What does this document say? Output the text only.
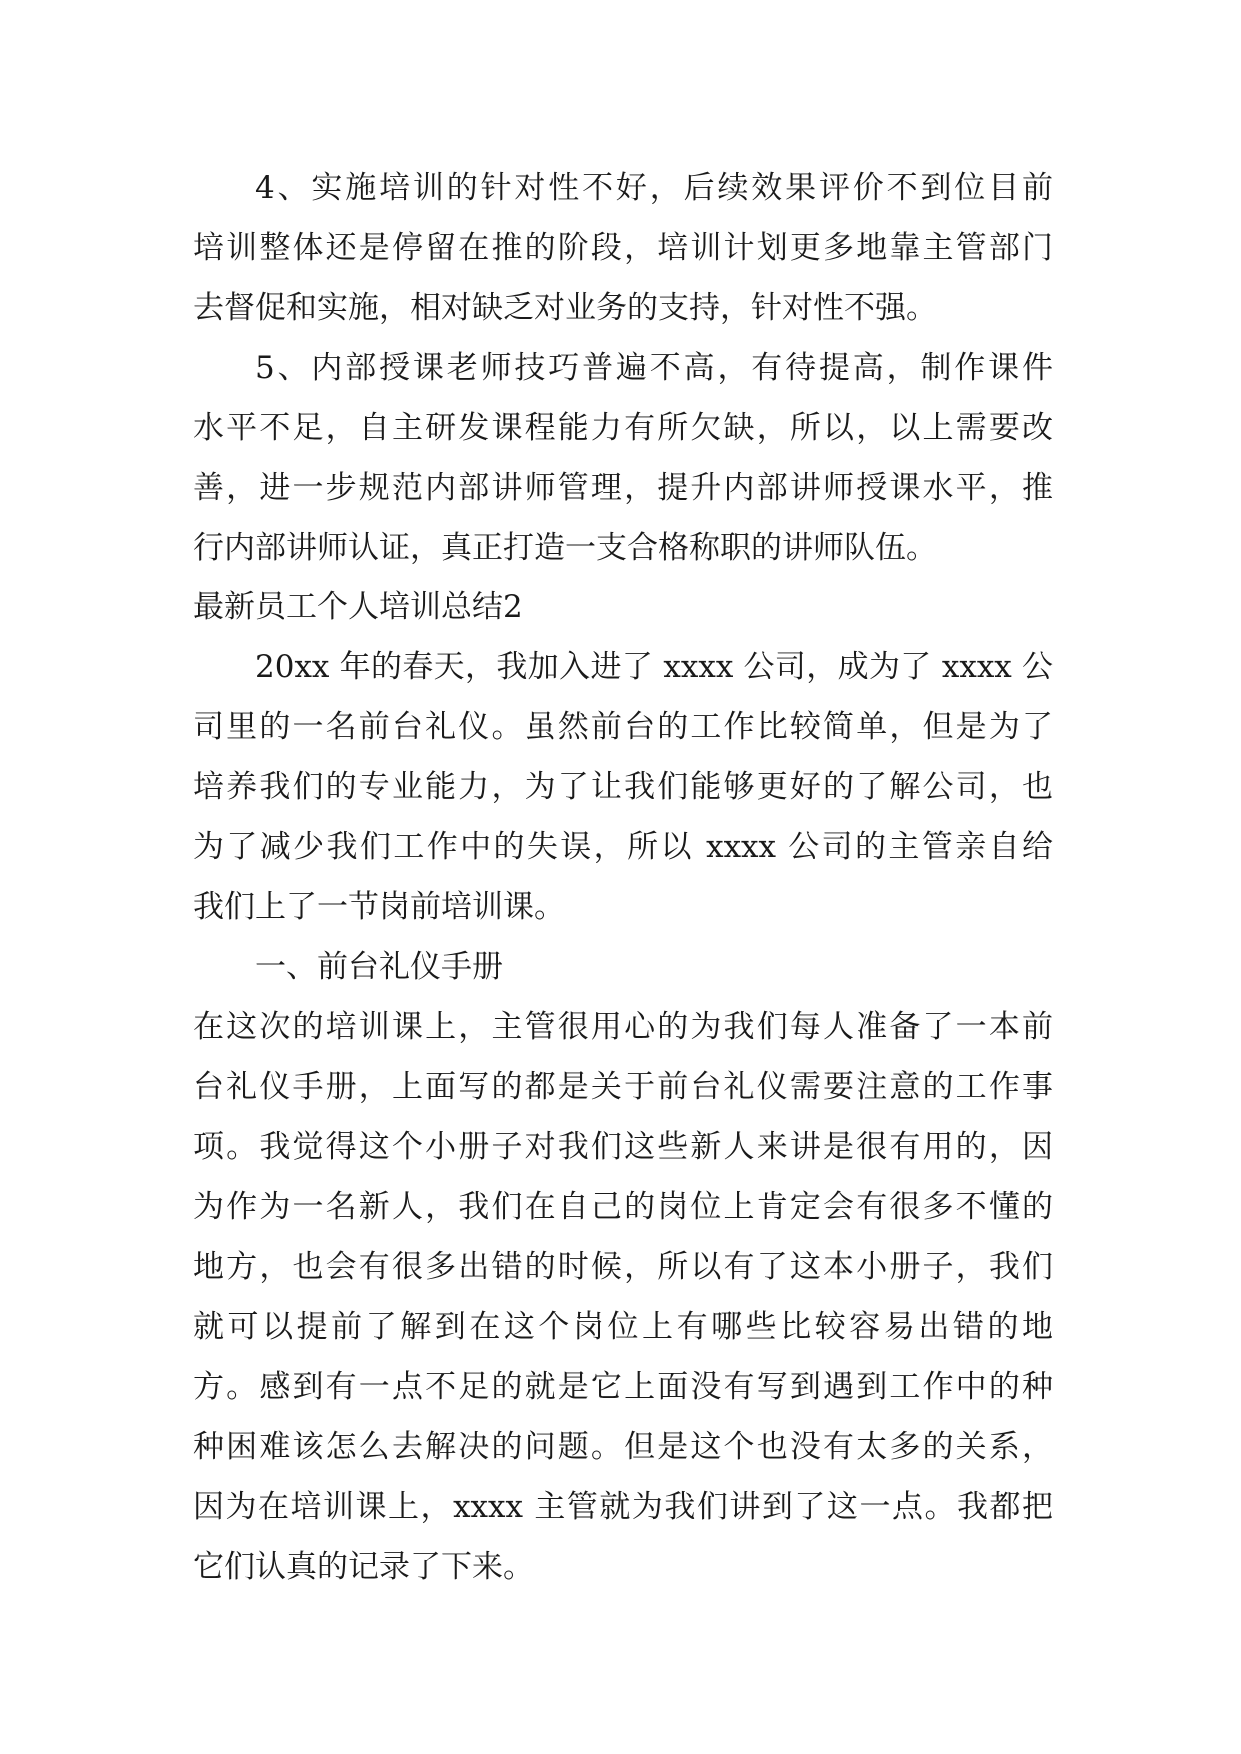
4、实施培训的针对性不好，后续效果评价不到位目前
培训整体还是停留在推的阶段，培训计划更多地靠主管部门
去督促和实施，相对缺乏对业务的支持，针对性不强。
5、内部授课老师技巧普遍不高，有待提高，制作课件
水平不足，自主研发课程能力有所欠缺，所以，以上需要改
善，进一步规范内部讲师管理，提升内部讲师授课水平，推
行内部讲师认证，真正打造一支合格称职的讲师队伍。
最新员工个人培训总结2
20xx 年的春天，我加入进了 xxxx 公司，成为了 xxxx 公
司里的一名前台礼仪。虽然前台的工作比较简单，但是为了
培养我们的专业能力，为了让我们能够更好的了解公司，也
为了减少我们工作中的失误，所以 xxxx 公司的主管亲自给
我们上了一节岗前培训课。
一、前台礼仪手册
在这次的培训课上，主管很用心的为我们每人准备了一本前
台礼仪手册，上面写的都是关于前台礼仪需要注意的工作事
项。我觉得这个小册子对我们这些新人来讲是很有用的，因
为作为一名新人，我们在自己的岗位上肯定会有很多不懂的
地方，也会有很多出错的时候，所以有了这本小册子，我们
就可以提前了解到在这个岗位上有哪些比较容易出错的地
方。感到有一点不足的就是它上面没有写到遇到工作中的种
种困难该怎么去解决的问题。但是这个也没有太多的关系，
因为在培训课上，xxxx 主管就为我们讲到了这一点。我都把
它们认真的记录了下来。
